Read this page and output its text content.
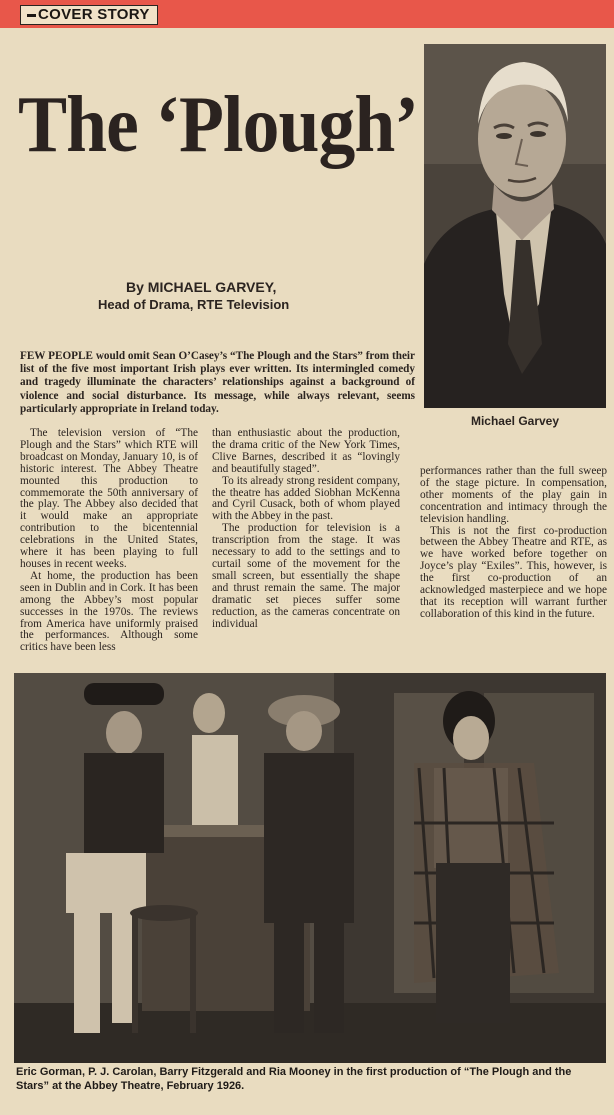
COVER STORY
The ‘Plough’
By MICHAEL GARVEY,
Head of Drama, RTE Television
Michael Garvey
FEW PEOPLE would omit Sean O’Casey’s “The Plough and the Stars” from their list of the five most important Irish plays ever written. Its intermingled comedy and tragedy illuminate the characters’ relationships against a background of violence and social disturbance. Its message, while always relevant, seems particularly appropriate in Ireland today.

The television version of “The Plough and the Stars” which RTE will broadcast on Monday, January 10, is of historic interest. The Abbey Theatre mounted this production to commemorate the 50th anniversary of the play. The Abbey also decided that it would make an appropriate contribution to the bicentennial celebrations in the United States, where it has been playing to full houses in recent weeks.

At home, the production has been seen in Dublin and in Cork. It has been among the Abbey’s most popular successes in the 1970s. The reviews from America have uniformly praised the performances. Although some critics have been less

than enthusiastic about the production, the drama critic of the New York Times, Clive Barnes, described it as “lovingly and beautifully staged”.

To its already strong resident company, the theatre has added Siobhan McKenna and Cyril Cusack, both of whom played with the Abbey in the past.

The production for television is a transcription from the stage. It was necessary to add to the settings and to curtail some of the movement for the small screen, but essentially the shape and thrust remain the same. The major dramatic set pieces suffer some reduction, as the cameras concentrate on individual

performances rather than the full sweep of the stage picture. In compensation, other moments of the play gain in concentration and intimacy through the television handling.

This is not the first co-production between the Abbey Theatre and RTE, as we have worked before together on Joyce’s play “Exiles”. This, however, is the first co-production of an acknowledged masterpiece and we hope that its reception will warrant further collaboration of this kind in the future.

Eric Gorman, P. J. Carolan, Barry Fitzgerald and Ria Mooney in the first production of “The Plough and the Stars” at the Abbey Theatre, February 1926.
